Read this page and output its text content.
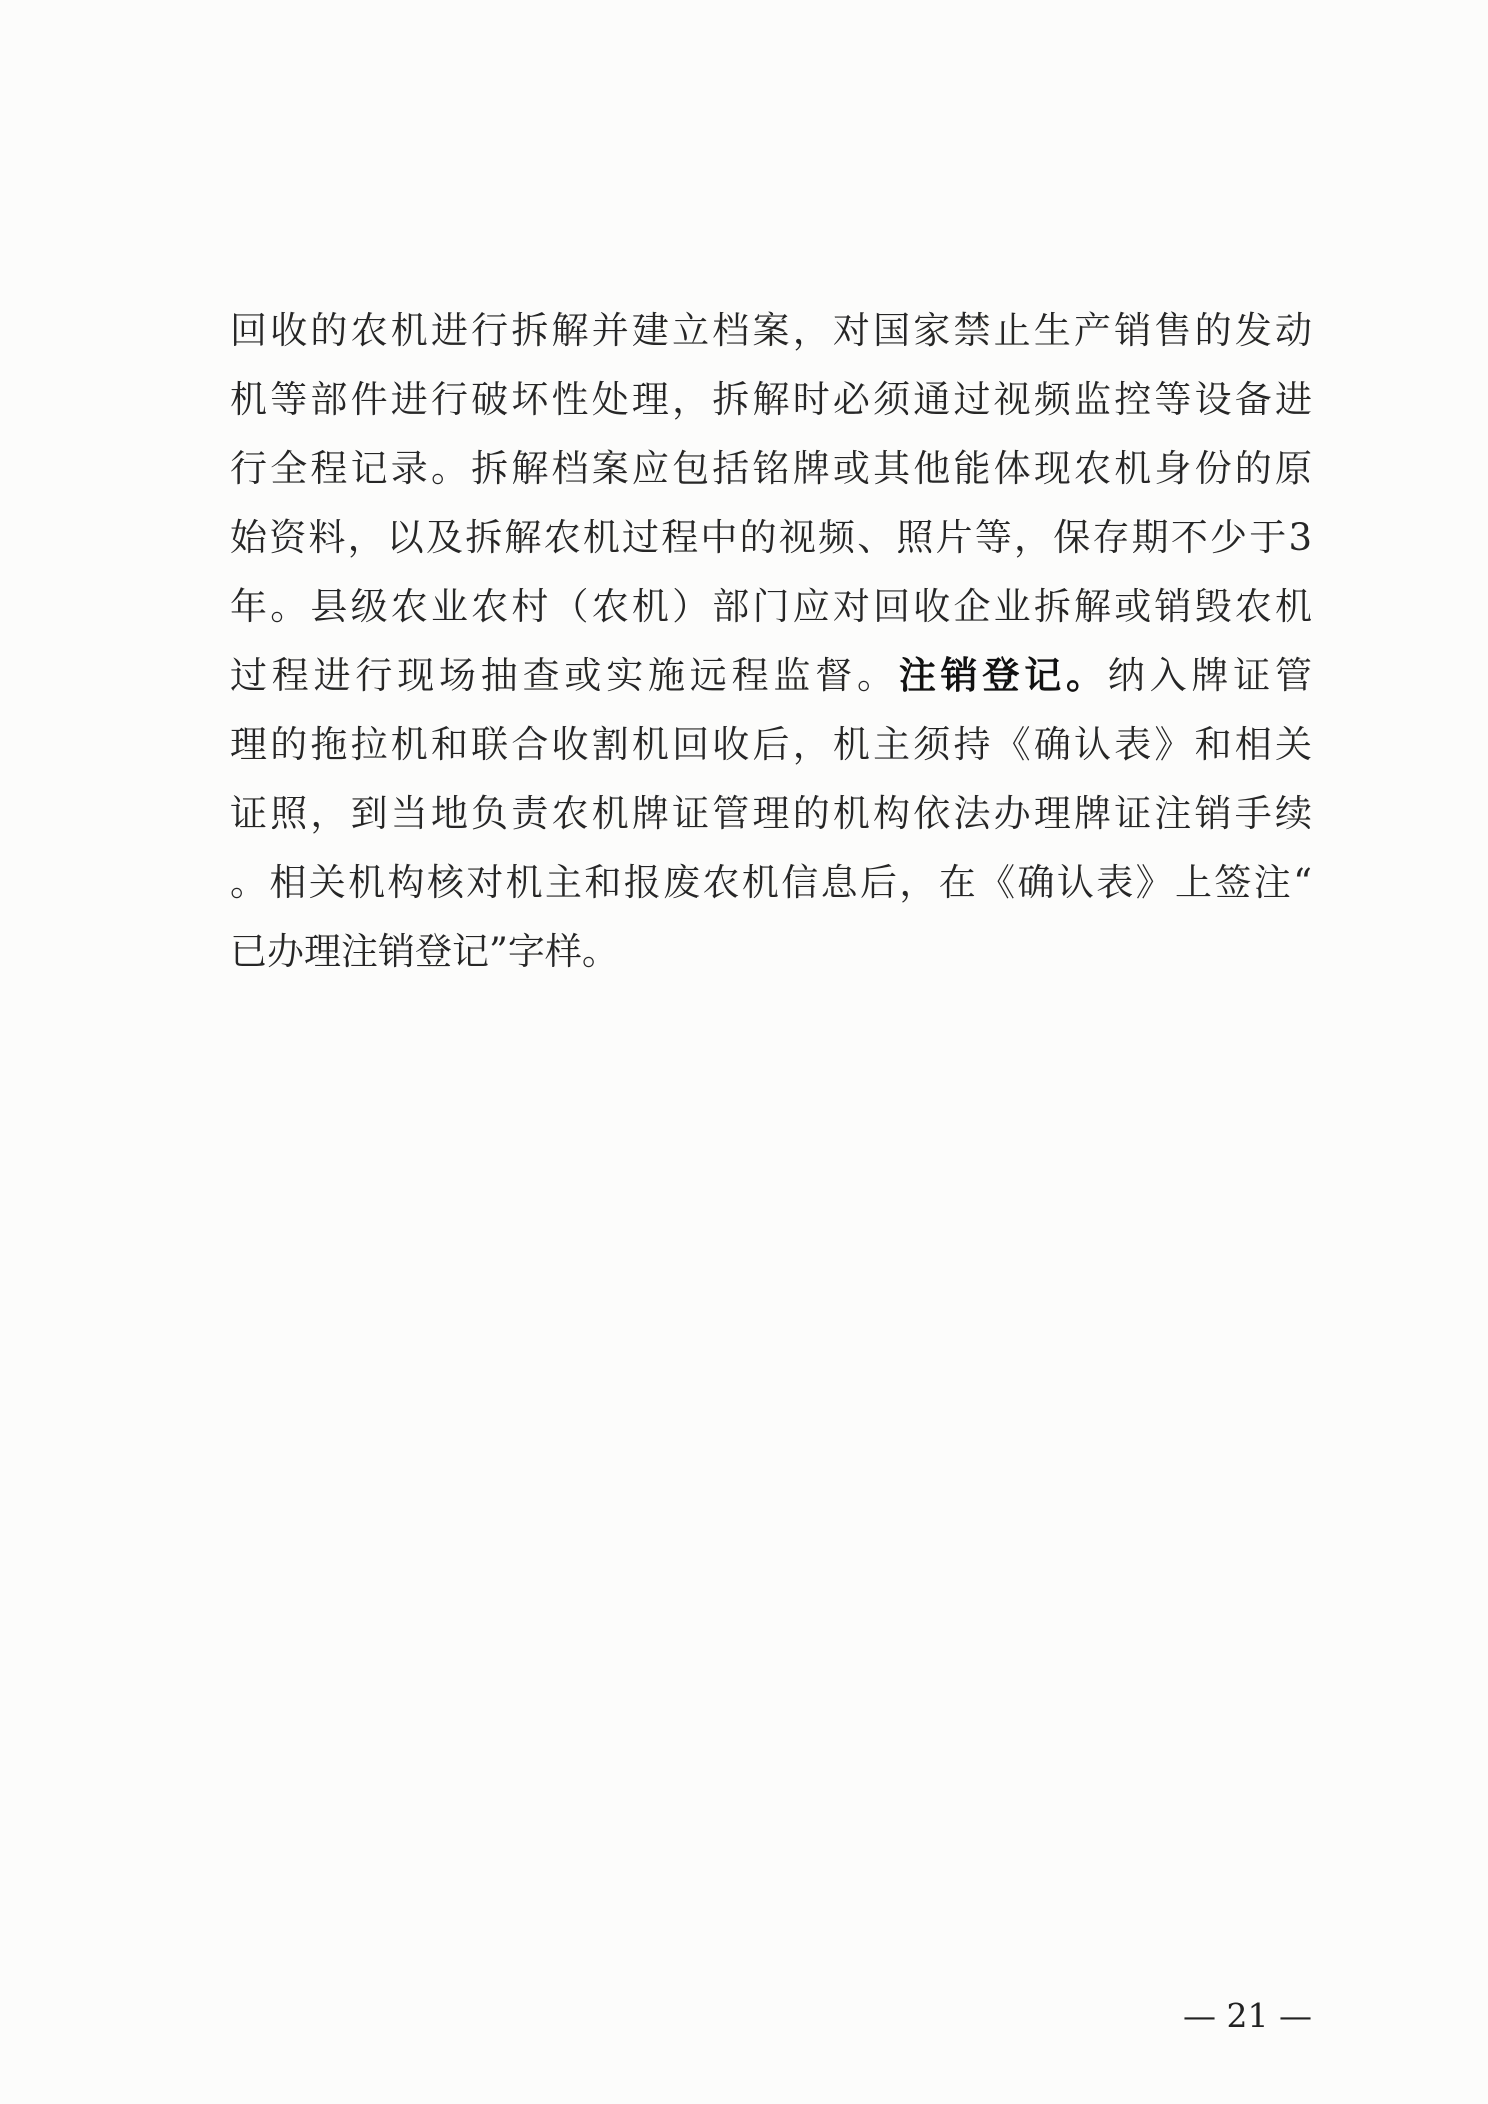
回收的农机进行拆解并建立档案，对国家禁止生产销售的发动
机等部件进行破坏性处理，拆解时必须通过视频监控等设备进
行全程记录。拆解档案应包括铭牌或其他能体现农机身份的原
始资料，以及拆解农机过程中的视频、照片等，保存期不少于3
年。县级农业农村（农机）部门应对回收企业拆解或销毁农机
过程进行现场抽查或实施远程监督。注销登记。纳入牌证管
理的拖拉机和联合收割机回收后，机主须持《确认表》和相关
证照，到当地负责农机牌证管理的机构依法办理牌证注销手续
。相关机构核对机主和报废农机信息后，在《确认表》上签注“
已办理注销登记”字样。
— 21 —
